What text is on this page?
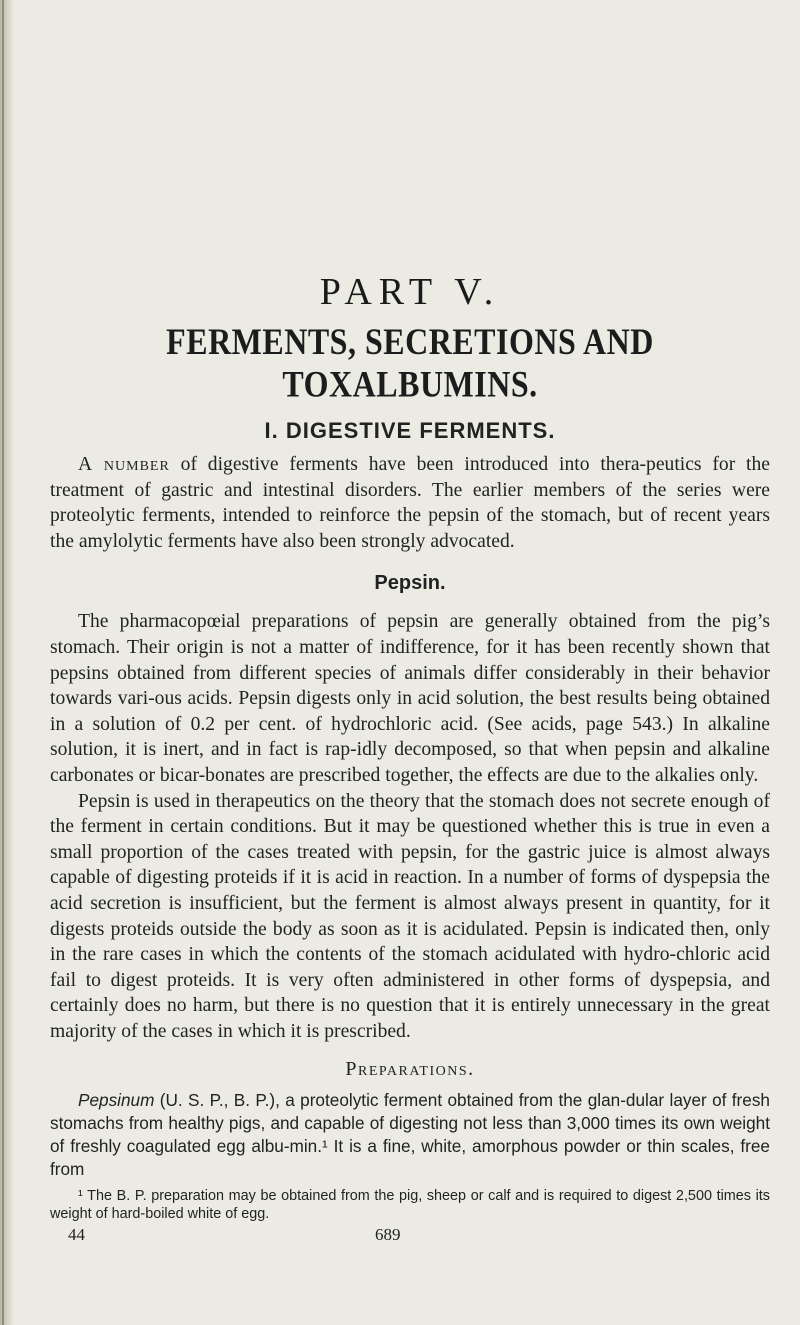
PART V.
FERMENTS, SECRETIONS AND TOXALBUMINS.
I. DIGESTIVE FERMENTS.

A number of digestive ferments have been introduced into thera-peutics for the treatment of gastric and intestinal disorders. The earlier members of the series were proteolytic ferments, intended to reinforce the pepsin of the stomach, but of recent years the amylolytic ferments have also been strongly advocated.

Pepsin.

The pharmacopœial preparations of pepsin are generally obtained from the pig’s stomach. Their origin is not a matter of indifference, for it has been recently shown that pepsins obtained from different species of animals differ considerably in their behavior towards vari-ous acids. Pepsin digests only in acid solution, the best results being obtained in a solution of 0.2 per cent. of hydrochloric acid. (See acids, page 543.) In alkaline solution, it is inert, and in fact is rap-idly decomposed, so that when pepsin and alkaline carbonates or bicar-bonates are prescribed together, the effects are due to the alkalies only.

Pepsin is used in therapeutics on the theory that the stomach does not secrete enough of the ferment in certain conditions. But it may be questioned whether this is true in even a small proportion of the cases treated with pepsin, for the gastric juice is almost always capable of digesting proteids if it is acid in reaction. In a number of forms of dyspepsia the acid secretion is insufficient, but the ferment is almost always present in quantity, for it digests proteids outside the body as soon as it is acidulated. Pepsin is indicated then, only in the rare cases in which the contents of the stomach acidulated with hydro-chloric acid fail to digest proteids. It is very often administered in other forms of dyspepsia, and certainly does no harm, but there is no question that it is entirely unnecessary in the great majority of the cases in which it is prescribed.

Preparations.

Pepsinum (U. S. P., B. P.), a proteolytic ferment obtained from the glan-dular layer of fresh stomachs from healthy pigs, and capable of digesting not less than 3,000 times its own weight of freshly coagulated egg albu-min.¹ It is a fine, white, amorphous powder or thin scales, free from

¹ The B. P. preparation may be obtained from the pig, sheep or calf and is required to digest 2,500 times its weight of hard-boiled white of egg.

44	689
